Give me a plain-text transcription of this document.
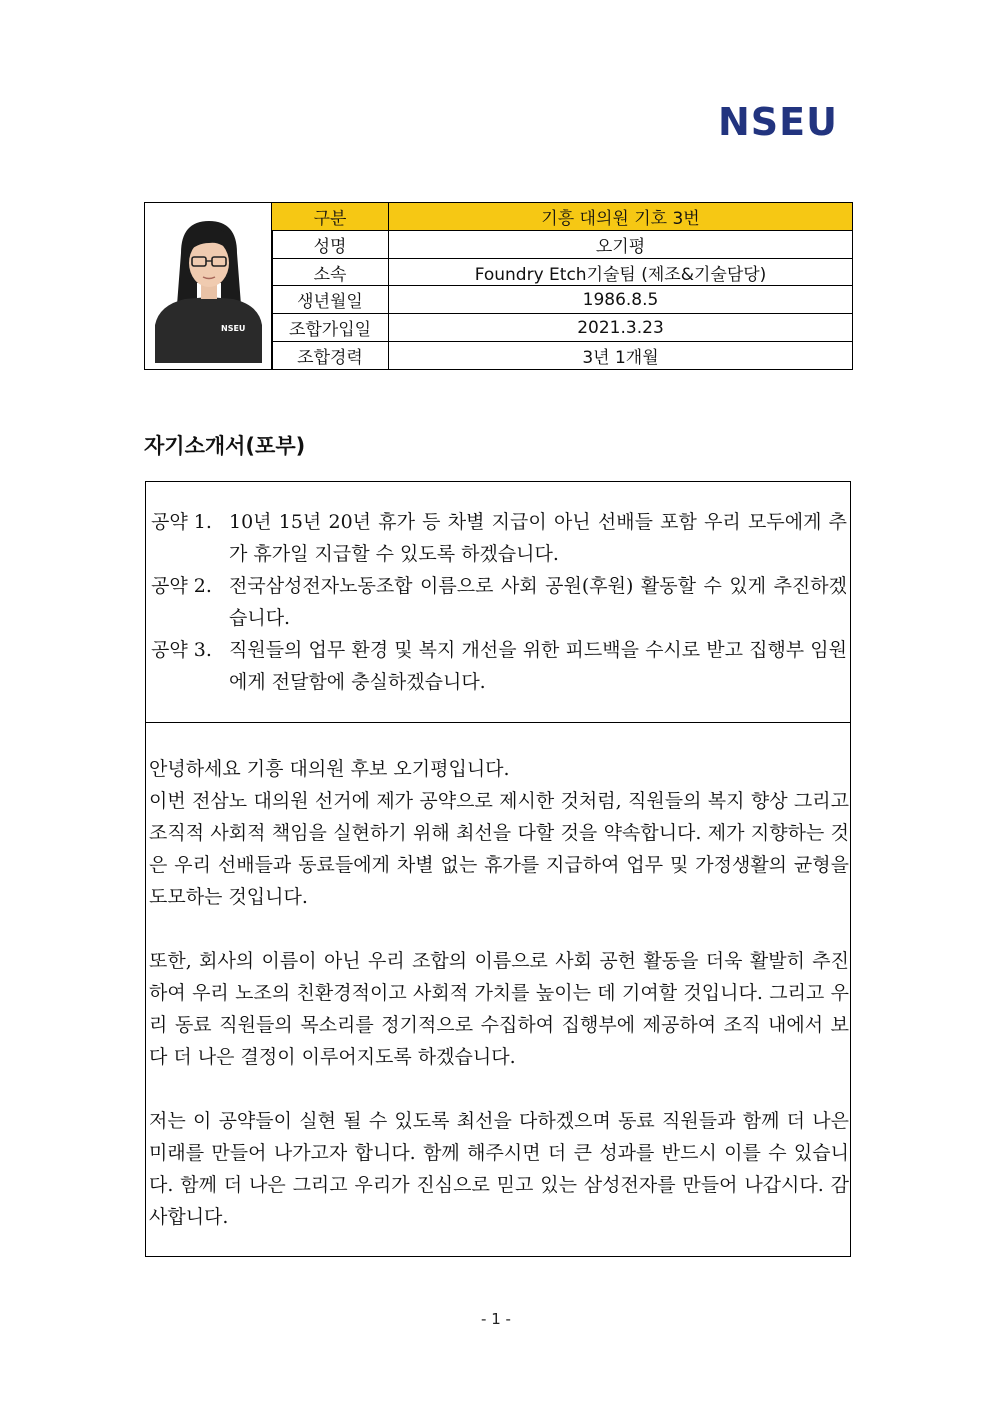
NSEU
NSEU
구분	기흥 대의원 기호 3번
성명	오기평
소속	Foundry Etch기술팀 (제조&기술담당)
생년월일	1986.8.5
조합가입일	2021.3.23
조합경력	3년 1개월
자기소개서(포부)
공약 1. 10년 15년 20년 휴가 등 차별 지급이 아닌 선배들 포함 우리 모두에게 추가 휴가일 지급할 수 있도록 하겠습니다.
공약 2. 전국삼성전자노동조합 이름으로 사회 공원(후원) 활동할 수 있게 추진하겠습니다.
공약 3. 직원들의 업무 환경 및 복지 개선을 위한 피드백을 수시로 받고 집행부 임원에게 전달함에 충실하겠습니다.
안녕하세요 기흥 대의원 후보 오기평입니다.
이번 전삼노 대의원 선거에 제가 공약으로 제시한 것처럼, 직원들의 복지 향상 그리고 조직적 사회적 책임을 실현하기 위해 최선을 다할 것을 약속합니다. 제가 지향하는 것은 우리 선배들과 동료들에게 차별 없는 휴가를 지급하여 업무 및 가정생활의 균형을 도모하는 것입니다.
또한, 회사의 이름이 아닌 우리 조합의 이름으로 사회 공헌 활동을 더욱 활발히 추진하여 우리 노조의 친환경적이고 사회적 가치를 높이는 데 기여할 것입니다. 그리고 우리 동료 직원들의 목소리를 정기적으로 수집하여 집행부에 제공하여 조직 내에서 보다 더 나은 결정이 이루어지도록 하겠습니다.
저는 이 공약들이 실현 될 수 있도록 최선을 다하겠으며 동료 직원들과 함께 더 나은 미래를 만들어 나가고자 합니다. 함께 해주시면 더 큰 성과를 반드시 이를 수 있습니다. 함께 더 나은 그리고 우리가 진심으로 믿고 있는 삼성전자를 만들어 나갑시다. 감사합니다.
- 1 -
